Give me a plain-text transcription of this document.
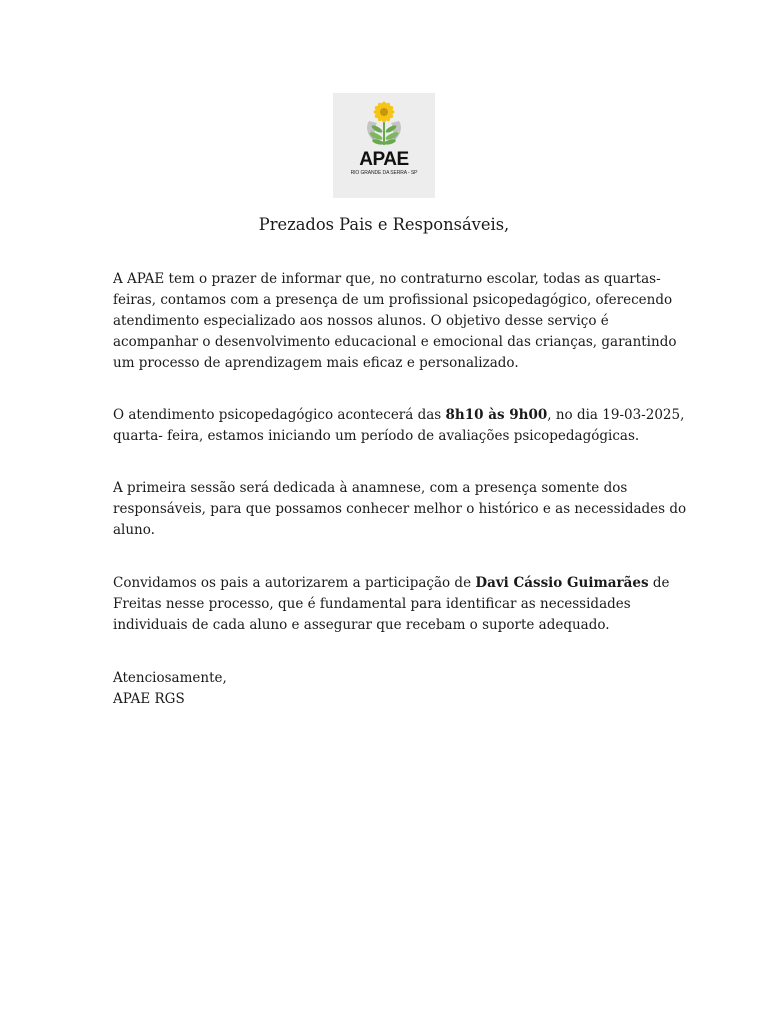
APAE
RIO GRANDE DA SERRA - SP
Prezados Pais e Responsáveis,
A APAE tem o prazer de informar que, no contraturno escolar, todas as quartas-
feiras, contamos com a presença de um profissional psicopedagógico, oferecendo
atendimento especializado aos nossos alunos. O objetivo desse serviço é
acompanhar o desenvolvimento educacional e emocional das crianças, garantindo
um processo de aprendizagem mais eficaz e personalizado.
O atendimento psicopedagógico acontecerá das 8h10 às 9h00, no dia 19-03-2025,
quarta- feira, estamos iniciando um período de avaliações psicopedagógicas.
A primeira sessão será dedicada à anamnese, com a presença somente dos
responsáveis, para que possamos conhecer melhor o histórico e as necessidades do
aluno.
Convidamos os pais a autorizarem a participação de Davi Cássio Guimarães de
Freitas nesse processo, que é fundamental para identificar as necessidades
individuais de cada aluno e assegurar que recebam o suporte adequado.
Atenciosamente,
APAE RGS
